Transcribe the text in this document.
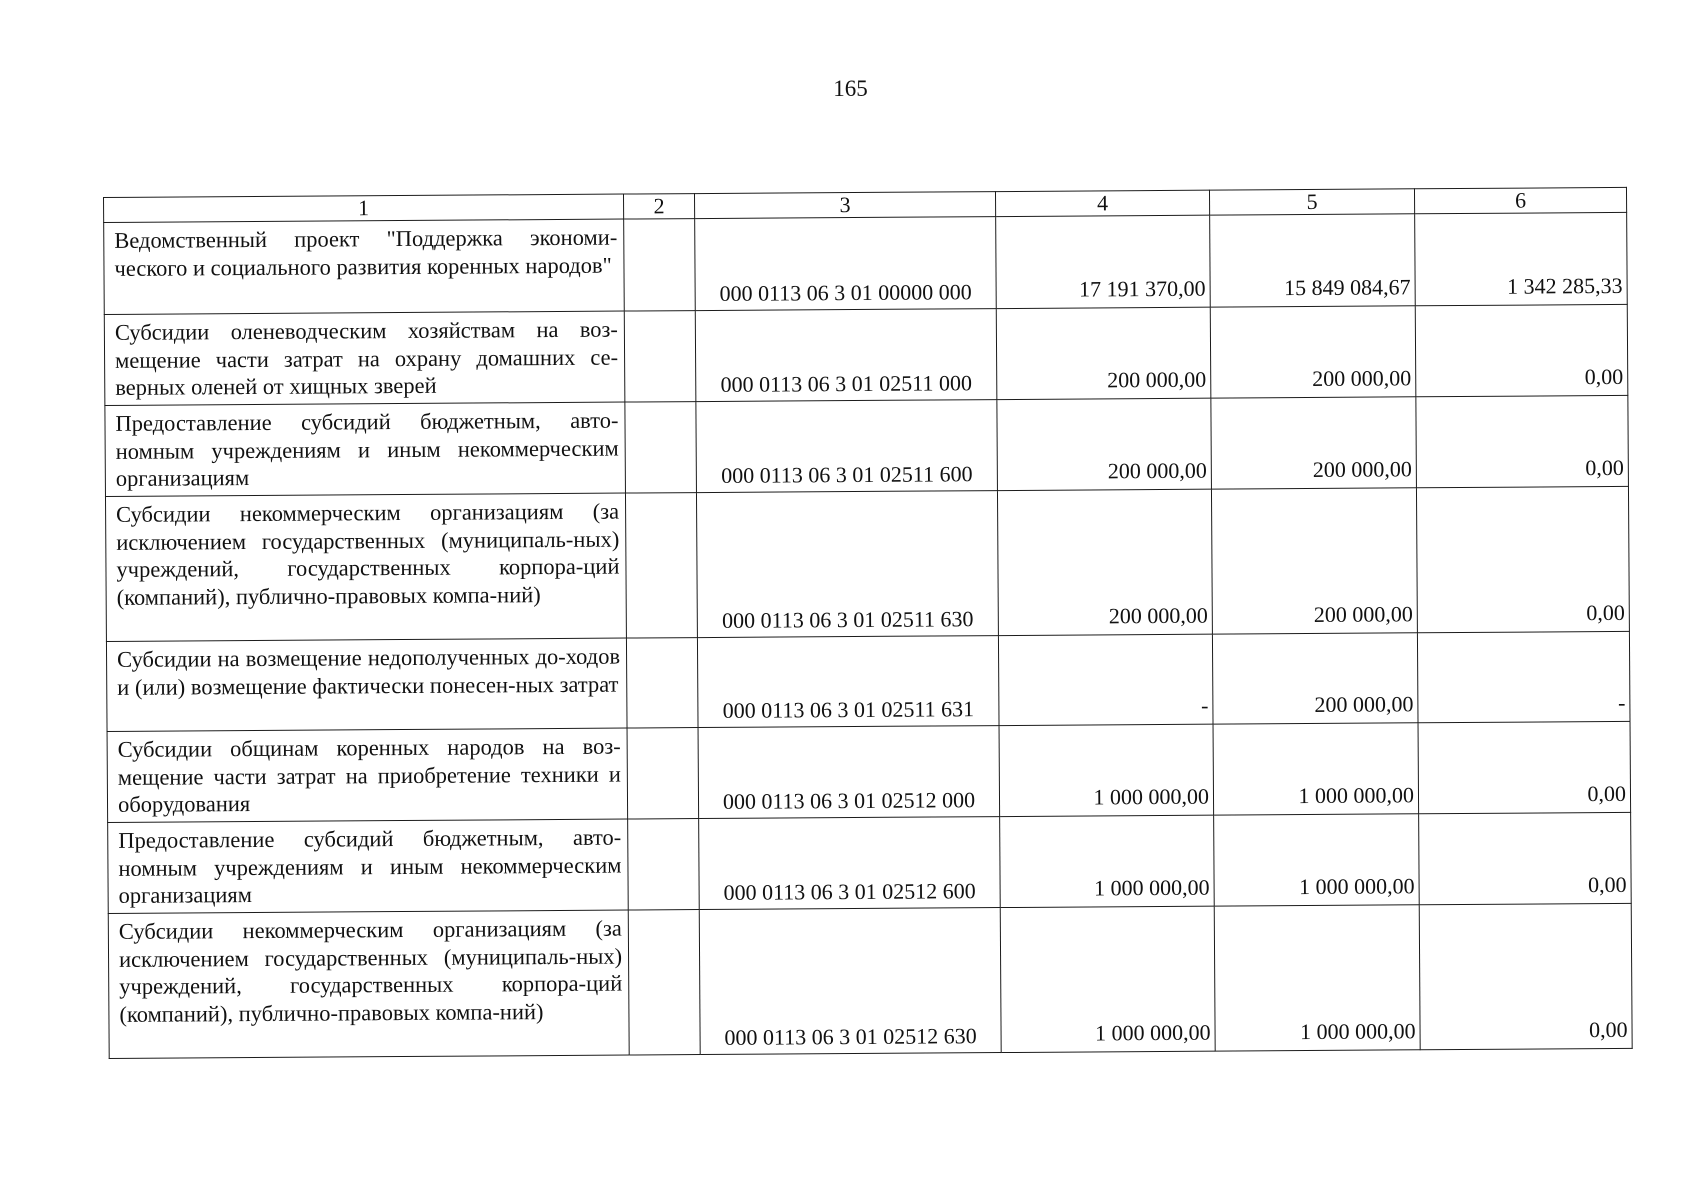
165
1	2	3	4	5	6
Ведомственный проект "Поддержка экономи-ческого и социального развития коренных народов"		000 0113 06 3 01 00000 000	17 191 370,00	15 849 084,67	1 342 285,33
Субсидии оленеводческим хозяйствам на воз-мещение части затрат на охрану домашних се-верных оленей от хищных зверей		000 0113 06 3 01 02511 000	200 000,00	200 000,00	0,00
Предоставление субсидий бюджетным, авто-номным учреждениям и иным некоммерческим организациям		000 0113 06 3 01 02511 600	200 000,00	200 000,00	0,00
Субсидии некоммерческим организациям (за исключением государственных (муниципаль-ных) учреждений, государственных корпора-ций (компаний), публично-правовых компа-ний)		000 0113 06 3 01 02511 630	200 000,00	200 000,00	0,00
Субсидии на возмещение недополученных до-ходов и (или) возмещение фактически понесен-ных затрат		000 0113 06 3 01 02511 631	-	200 000,00	-
Субсидии общинам коренных народов на воз-мещение части затрат на приобретение техники и оборудования		000 0113 06 3 01 02512 000	1 000 000,00	1 000 000,00	0,00
Предоставление субсидий бюджетным, авто-номным учреждениям и иным некоммерческим организациям		000 0113 06 3 01 02512 600	1 000 000,00	1 000 000,00	0,00
Субсидии некоммерческим организациям (за исключением государственных (муниципаль-ных) учреждений, государственных корпора-ций (компаний), публично-правовых компа-ний)		000 0113 06 3 01 02512 630	1 000 000,00	1 000 000,00	0,00
